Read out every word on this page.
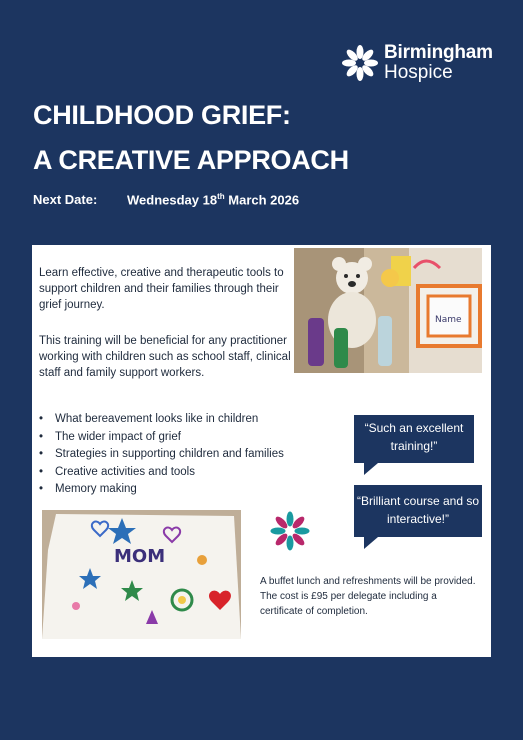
Birmingham
Hospice
CHILDHOOD GRIEF:
A CREATIVE APPROACH
Next Date: Wednesday 18th March 2026

Learn effective, creative and therapeutic tools to support children and their families through their grief journey.

This training will be beneficial for any practitioner working with children such as school staff, clinical staff and family support workers.

Name
• What bereavement looks like in children
• The wider impact of grief
• Strategies in supporting children and families
• Creative activities and tools
• Memory making
“Such an excellent training!”
“Brilliant course and so interactive!”
MOM

A buffet lunch and refreshments will be provided. The cost is £95 per delegate including a certificate of completion.
